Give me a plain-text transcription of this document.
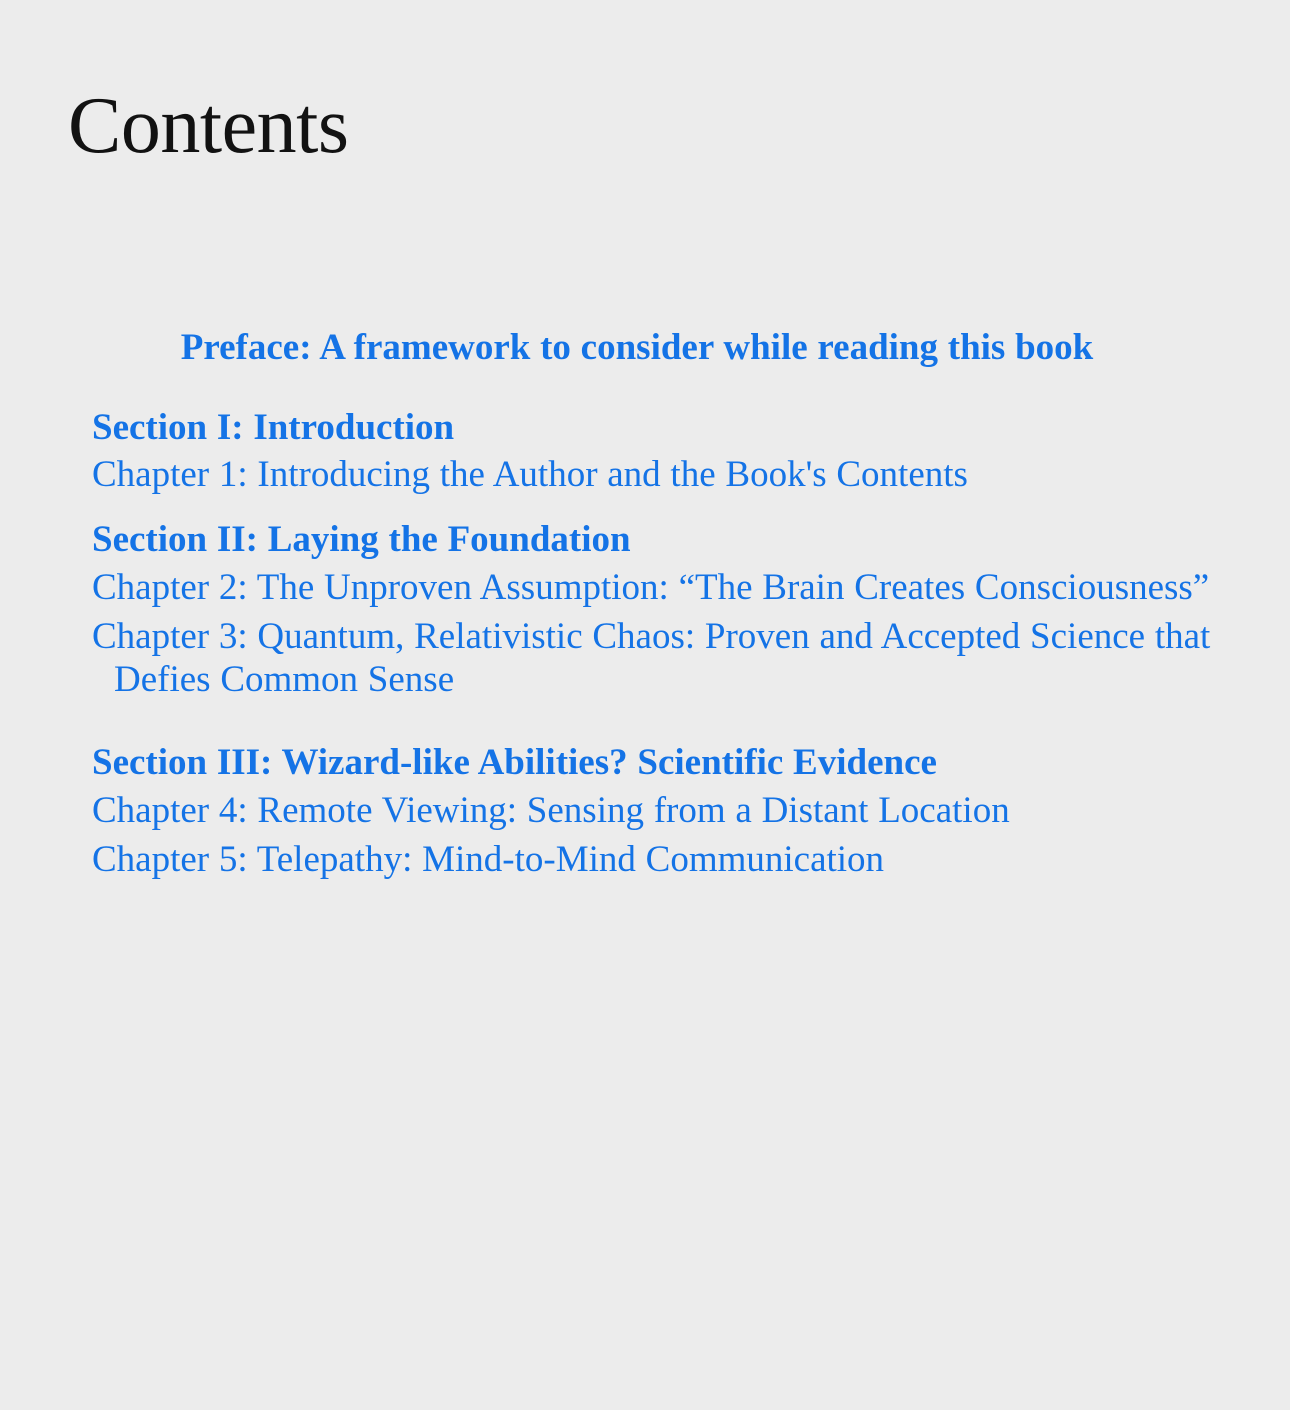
Contents
Preface: A framework to consider while reading this book
Section I: Introduction
Chapter 1: Introducing the Author and the Book's Contents
Section II: Laying the Foundation
Chapter 2: The Unproven Assumption: “The Brain Creates Consciousness”
Chapter 3: Quantum, Relativistic Chaos: Proven and Accepted Science that Defies Common Sense
Section III: Wizard-like Abilities? Scientific Evidence
Chapter 4: Remote Viewing: Sensing from a Distant Location
Chapter 5: Telepathy: Mind-to-Mind Communication
